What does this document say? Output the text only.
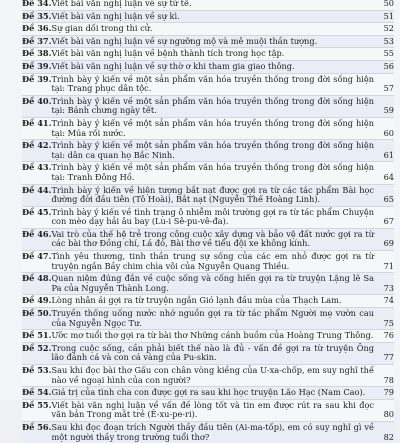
Đề 34. Viết bài văn nghị luận về sự tử tế.	50
Đề 35. Viết bài văn nghị luận về sự kì.	51
Đề 36. Sự gian dối trong thi cử.	52
Đề 37. Viết bài văn nghị luận về sự ngưỡng mộ và mê muội thần tượng.	53
Đề 38. Viết bài văn nghị luận về bệnh thành tích trong học tập.	55
Đề 39. Viết bài văn nghị luận về sự thờ ơ khi tham gia giao thông.	56
Đề 39. Trình bày ý kiến về một sản phẩm văn hóa truyền thống trong đời sống hiện tại: Trang phục dân tộc.	57
Đề 40. Trình bày ý kiến về một sản phẩm văn hóa truyền thống trong đời sống hiện tại: Bánh chưng ngày tết.	59
Đề 41. Trình bày ý kiến về một sản phẩm văn hóa truyền thống trong đời sống hiện tại: Múa rối nước.	60
Đề 42. Trình bày ý kiến về một sản phẩm văn hóa truyền thống trong đời sống hiện tại: dân ca quan họ Bắc Ninh.	61
Đề 43. Trình bày ý kiến về một sản phẩm văn hóa truyền thống trong đời sống hiện tại: Tranh Đông Hồ.	64
Đề 44. Trình bày ý kiến về hiện tượng bắt nạt được gợi ra từ các tác phẩm Bài học đường đời đầu tiên (Tô Hoài), Bắt nạt (Nguyễn Thế Hoàng Linh).	65
Đề 45. Trình bày ý kiến về tình trạng ô nhiễm môi trường gợi ra từ tác phẩm Chuyện con mèo dạy hải âu bay (Lu-i Sê-pu-vê-đa).	67
Đề 46. Vai trò của thế hệ trẻ trong công cuộc xây dựng và bảo vệ đất nước gợi ra từ các bài thơ Đồng chí, Lá đỏ, Bài thơ về tiểu đội xe không kính.	69
Đề 47. Tình yêu thương, tinh thần trung sự sống của các em nhỏ được gợi ra từ truyện ngắn Bầy chim chìa vôi của Nguyễn Quang Thiều.	71
Đề 48. Quan niệm đúng đắn về cuộc sống và cống hiến gợi ra từ truyện Lặng lẽ Sa Pa của Nguyễn Thành Long.	73
Đề 49. Lòng nhân ái gợi ra từ truyện ngắn Gió lạnh đầu mùa của Thạch Lam.	74
Đề 50. Truyền thống uống nước nhớ nguồn gợi ra từ tác phẩm Người mẹ vườn cau của Nguyễn Ngọc Tư.	75
Đề 51. Ước mơ tuổi thơ gợi ra từ bài thơ Những cánh buồm của Hoàng Trung Thông.	76
Đề 52. Trong cuộc sống, cần phải biết thế nào là đủ - vấn đề gợi ra từ truyện Ông lão đánh cá và con cá vàng của Pu-skin.	77
Đề 53. Sau khi đọc bài thơ Gấu con chân vòng kiềng của U-xa-chốp, em suy nghĩ thế nào về ngoại hình của con người?	78
Đề 54. Giá trị của tình cha con được gợi ra sau khi học truyện Lão Hạc (Nam Cao).	79
Đề 55. Viết bài văn nghị luận về vấn đề lòng tốt và tin em được rút ra sau khi đọc văn bản Trong mắt trẻ (Ê-xu-pe-ri).	80
Đề 56. Sau khi đọc đoạn trích Người thầy đầu tiên (Ai-ma-tốp), em có suy nghĩ gì về một người thầy trong trường tuổi thơ?	82
